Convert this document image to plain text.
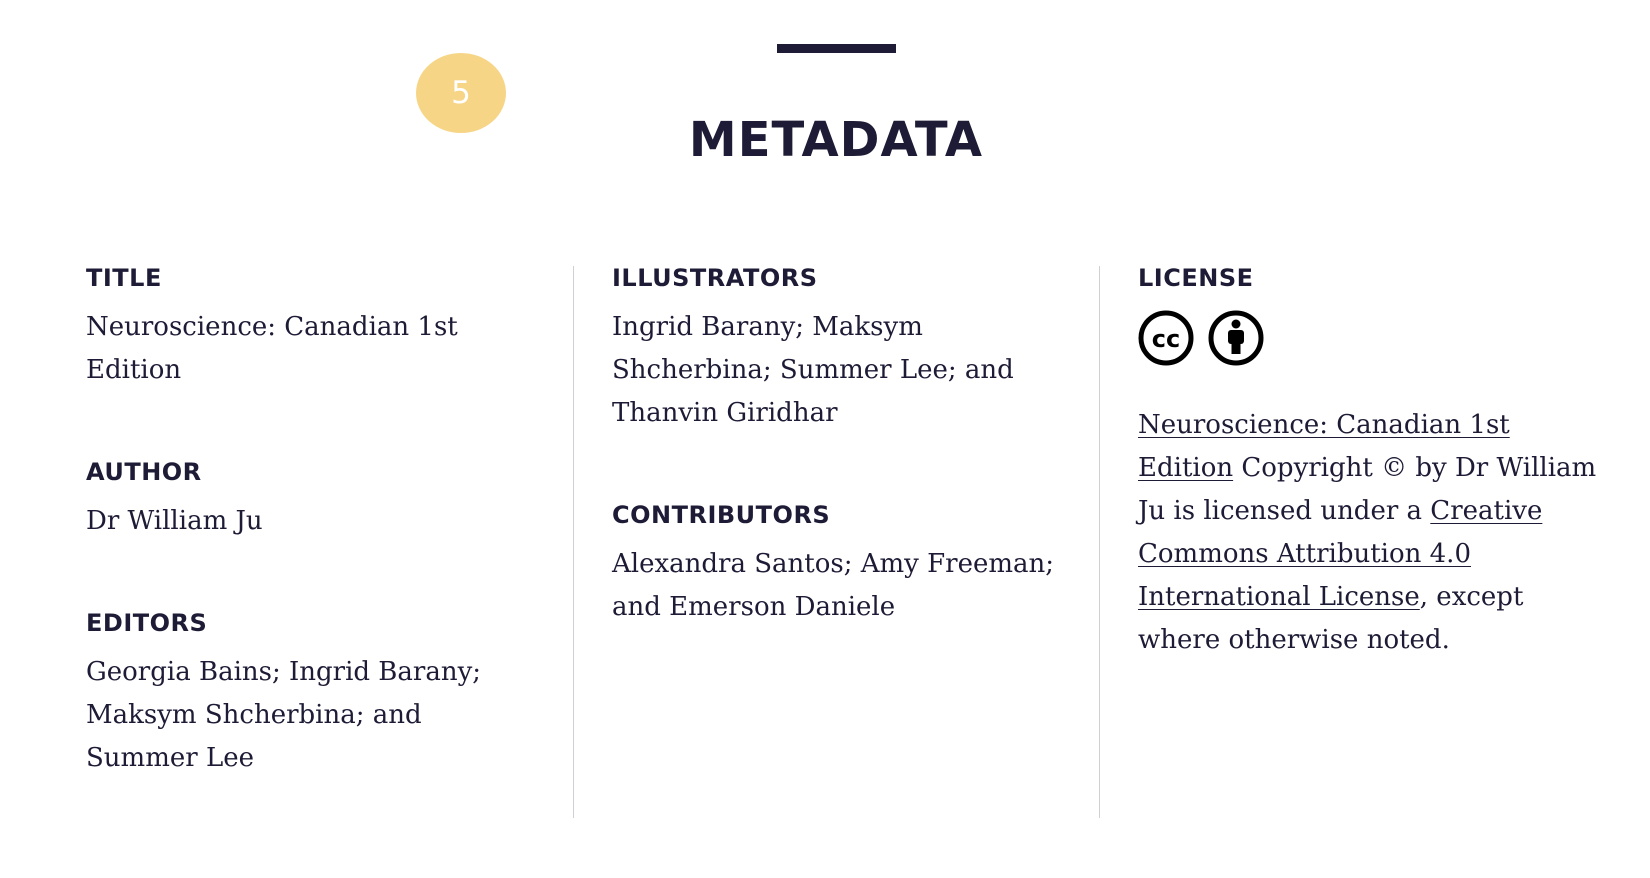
5
METADATA
TITLE

Neuroscience: Canadian 1st Edition

AUTHOR

Dr William Ju

EDITORS

Georgia Bains; Ingrid Barany; Maksym Shcherbina; and Summer Lee

ILLUSTRATORS

Ingrid Barany; Maksym Shcherbina; Summer Lee; and Thanvin Giridhar

CONTRIBUTORS

Alexandra Santos; Amy Freeman; and Emerson Daniele

LICENSE
cc

Neuroscience: Canadian 1st Edition Copyright © by Dr William Ju is licensed under a Creative Commons Attribution 4.0 International License, except where otherwise noted.
